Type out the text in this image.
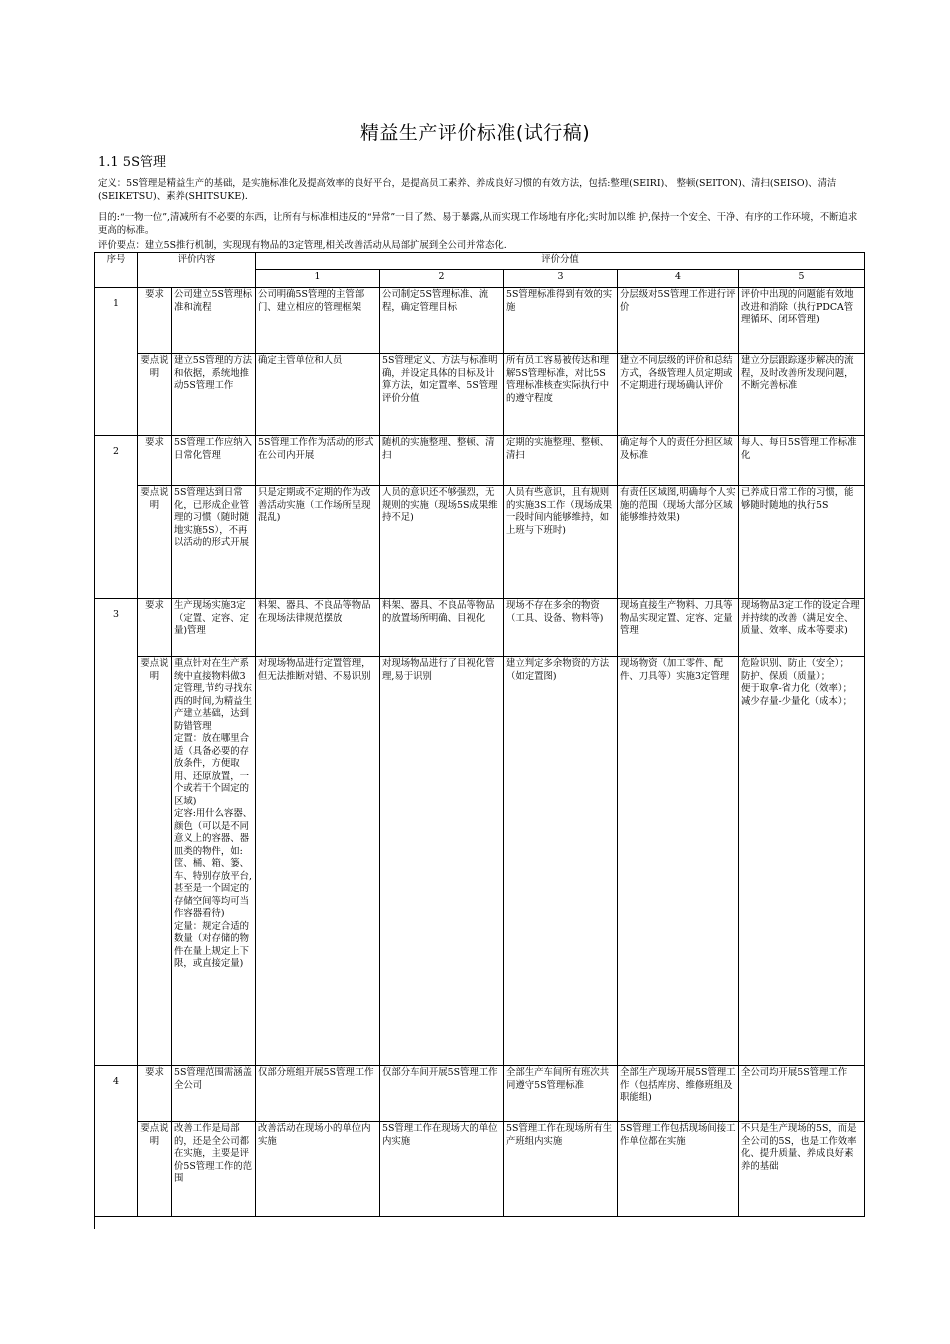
精益生产评价标准(试行稿)
1.1 5S管理
定义：5S管理是精益生产的基础，是实施标准化及提高效率的良好平台，是提高员工素养、养成良好习惯的有效方法，包括:整理(SEIRI)、 整顿(SEITON)、清扫(SEISO)、清洁(SEIKETSU)、素养(SHITSUKE)．
目的:“一物一位”,清减所有不必要的东西，让所有与标准相违反的“异常”一目了然、易于暴露,从而实现工作场地有序化;实时加以维 护,保持一个安全、干净、有序的工作环境，不断追求更高的标准。
评价要点：建立5S推行机制，实现现有物品的3定管理,相关改善活动从局部扩展到全公司并常态化.
序号	评价内容		评价分值				
			1	2	3	4	5
1	要求	公司建立5S管理标准和流程	公司明确5S管理的主管部门、建立相应的管理框架	公司制定5S管理标准、流程，确定管理目标	5S管理标准得到有效的实施	分层级对5S管理工作进行评价	评价中出现的问题能有效地改进和消除（执行PDCA管理循环、闭环管理)
	要点说明	建立5S管理的方法和依据，系统地推动5S管理工作	确定主管单位和人员	5S管理定义、方法与标准明确，并设定具体的目标及计算方法，如定置率、5S管理评价分值	所有员工容易被传达和理解5S管理标准，对比5S管理标准核查实际执行中的遵守程度	建立不同层级的评价和总结方式，各级管理人员定期或不定期进行现场确认评价	建立分层跟踪逐步解决的流程，及时改善所发现问题，不断完善标准
2	要求	5S管理工作应纳入日常化管理	5S管理工作作为活动的形式在公司内开展	随机的实施整理、整顿、清扫	定期的实施整理、整顿、清扫	确定每个人的责任分担区域及标准	每人、每日5S管理工作标准化
	要点说明	5S管理达到日常化，已形成企业管理的习惯（随时随地实施5S），不再以活动的形式开展	只是定期或不定期的作为改善活动实施（工作场所呈现混乱)	人员的意识还不够强烈，无规则的实施（现场5S成果维持不足)	人员有些意识，且有规则的实施3S工作（现场成果一段时间内能够维持，如上班与下班时)	有责任区域图,明确每个人实施的范围（现场大部分区域能够维持效果)	已养成日常工作的习惯，能够随时随地的执行5S
3	要求	生产现场实施3定（定置、定容、定量)管理	料架、器具、不良品等物品在现场法律规范摆放	料架、器具、不良品等物品的放置场所明确、目视化	现场不存在多余的物资（工具、设备、物料等)	现场直接生产物料、刀具等物品实现定置、定容、定量管理	现场物品3定工作的设定合理并持续的改善（满足安全、质量、效率、成本等要求)
	要点说明	重点针对在生产系统中直接物料做3定管理,节约寻找东西的时间,为精益生产建立基础，达到防错管理
定置：放在哪里合适（具备必要的存放条件，方便取用、还原放置，一个或若干个固定的区域)
定容:用什么容器、颜色（可以是不同意义上的容器、器皿类的物件，如:筐、桶、箱、篓、车、特别存放平台,甚至是一个固定的存储空间等均可当作容器看待)
定量：规定合适的数量（对存储的物件在量上规定上下限，或直接定量)	对现场物品进行定置管理，但无法推断对错、不易识别	对现场物品进行了目视化管理,易于识别	建立判定多余物资的方法（如定置图)	现场物资（加工零件、配件、刀具等）实施3定管理	危险识别、防止（安全）；
防护、保质（质量）；
便于取拿-省力化（效率）；
减少存量-少量化（成本）；
4	要求	5S管理范围需涵盖全公司	仅部分班组开展5S管理工作	仅部分车间开展5S管理工作	全部生产车间所有班次共同遵守5S管理标准	全部生产现场开展5S管理工作（包括库房、维修班组及职能组)	全公司均开展5S管理工作
	要点说明	改善工作是局部的，还是全公司都在实施，主要是评价5S管理工作的范围	改善活动在现场小的单位内实施	5S管理工作在现场大的单位内实施	5S管理工作在现场所有生产班组内实施	5S管理工作包括现场间接工作单位都在实施	不只是生产现场的5S，而是全公司的5S，也是工作效率化、提升质量、养成良好素养的基础
